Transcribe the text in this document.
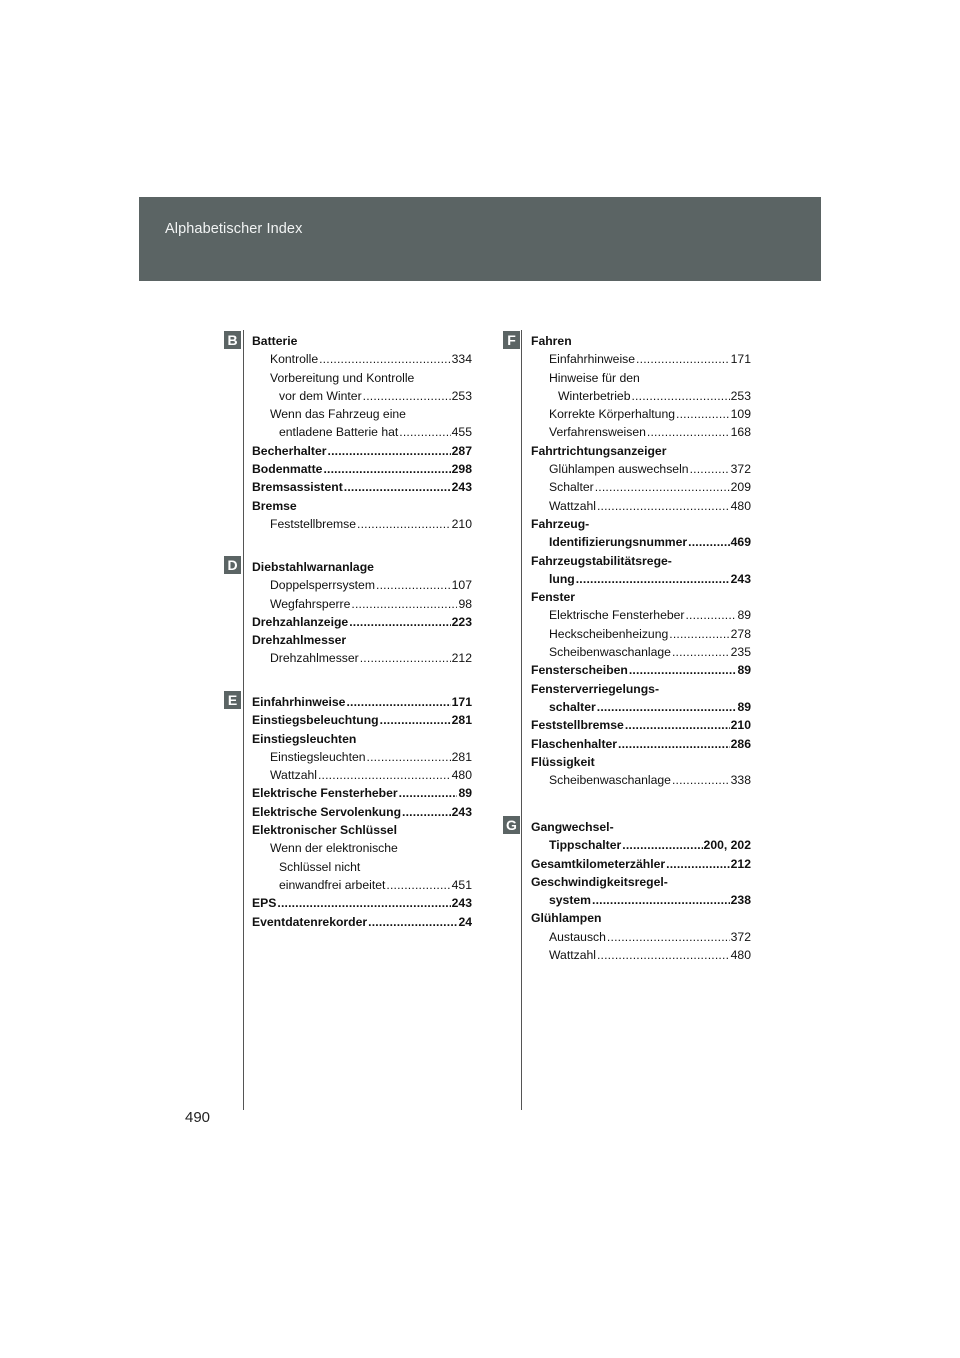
Alphabetischer Index
B
D
E
F
G
Batterie
Kontrolle . . .	334
Vorbereitung und Kontrolle
vor dem Winter . . .	253
Wenn das Fahrzeug eine
entladene Batterie hat . . .	455
Becherhalter . . .	287
Bodenmatte . . .	298
Bremsassistent . . .	243
Bremse
Feststellbremse . . .	210
Diebstahlwarnanlage
Doppelsperrsystem . . .	107
Wegfahrsperre . . .	98
Drehzahlanzeige . . .	223
Drehzahlmesser
Drehzahlmesser . . .	212
Einfahrhinweise . . .	171
Einstiegsbeleuchtung . . .	281
Einstiegsleuchten
Einstiegsleuchten . . .	281
Wattzahl . . .	480
Elektrische Fensterheber . . .	89
Elektrische Servolenkung . . .	243
Elektronischer Schlüssel
Wenn der elektronische
Schlüssel nicht
einwandfrei arbeitet . . .	451
EPS . . .	243
Eventdatenrekorder . . .	24
Fahren
Einfahrhinweise . . .	171
Hinweise für den
Winterbetrieb . . .	253
Korrekte Körperhaltung . . .	109
Verfahrensweisen . . .	168
Fahrtrichtungsanzeiger
Glühlampen auswechseln . . .	372
Schalter . . .	209
Wattzahl . . .	480
Fahrzeug-
Identifizierungsnummer . . .	469
Fahrzeugstabilitätsrege-
lung . . .	243
Fenster
Elektrische Fensterheber . . .	89
Heckscheibenheizung . . .	278
Scheibenwaschanlage . . .	235
Fensterscheiben . . .	89
Fensterverriegelungs-
schalter . . .	89
Feststellbremse . . .	210
Flaschenhalter . . .	286
Flüssigkeit
Scheibenwaschanlage . . .	338
Gangwechsel-
Tippschalter . . .	200, 202
Gesamtkilometerzähler . . .	212
Geschwindigkeitsregel-
system . . .	238
Glühlampen
Austausch . . .	372
Wattzahl . . .	480
490
